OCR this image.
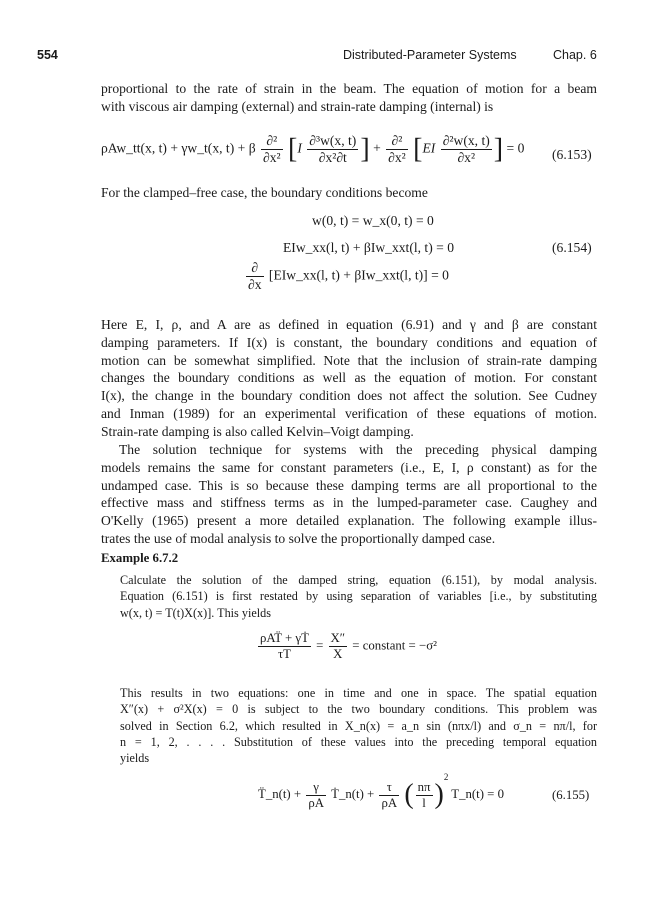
554	Distributed-Parameter Systems	Chap. 6
proportional to the rate of strain in the beam. The equation of motion for a beam
with viscous air damping (external) and strain-rate damping (internal) is
ρAw_tt(x, t) + γw_t(x, t) + β $\frac{\text{∂²}}{\text{∂x²}} [I \frac{\text{∂³w(x, t)}}{\text{∂x²∂t}}$ ] + $\frac{\text{∂²}}{\text{∂x²}} [EI \frac{\text{∂²w(x, t)}}{\text{∂x²}}$ ] = 0 (6.153)
For the clamped–free case, the boundary conditions become
w(0, t) = w_x(0, t) = 0
EIw_xx(l, t) + βIw_xxt(l, t) = 0	(6.154)
$\frac{\partial}{\partial x}$ [EIw_xx(l, t) + βIw_xxt(l, t)] = 0
Here E, I, ρ, and A are as defined in equation (6.91) and γ and β are constant
damping parameters. If I(x) is constant, the boundary conditions and equation of
motion can be somewhat simplified. Note that the inclusion of strain-rate damping
changes the boundary conditions as well as the equation of motion. For constant
I(x), the change in the boundary condition does not affect the solution. See Cudney
and Inman (1989) for an experimental verification of these equations of motion.
Strain-rate damping is also called Kelvin–Voigt damping.
The solution technique for systems with the preceding physical damping
models remains the same for constant parameters (i.e., E, I, ρ constant) as for the
undamped case. This is so because these damping terms are all proportional to the
effective mass and stiffness terms as in the lumped-parameter case. Caughey and
O'Kelly (1965) present a more detailed explanation. The following example illus-
trates the use of modal analysis to solve the proportionally damped case.
Example 6.7.2
Calculate the solution of the damped string, equation (6.151), by modal analysis.
Equation (6.151) is first restated by using separation of variables [i.e., by substituting
w(x, t) = T(t)X(x)]. This yields
$\frac{\text{ρAT̈ + γṪ}}{\tau T} = \frac{X''}{X}$ = constant = −σ²
This results in two equations: one in time and one in space. The spatial equation
X″(x) + σ²X(x) = 0 is subject to the two boundary conditions. This problem was
solved in Section 6.2, which resulted in X_n(x) = a_n sin (nπx/l) and σ_n = nπ/l, for
n = 1, 2, . . . . Substitution of these values into the preceding temporal equation
yields
T̈_n(t) + $\frac{\gamma}{\rho A}$ Ṫ_n(t) + $\frac{\tau}{\rho A}$ ( $\frac{n\pi}{l} )^2$ T_n(t) = 0	(6.155)
